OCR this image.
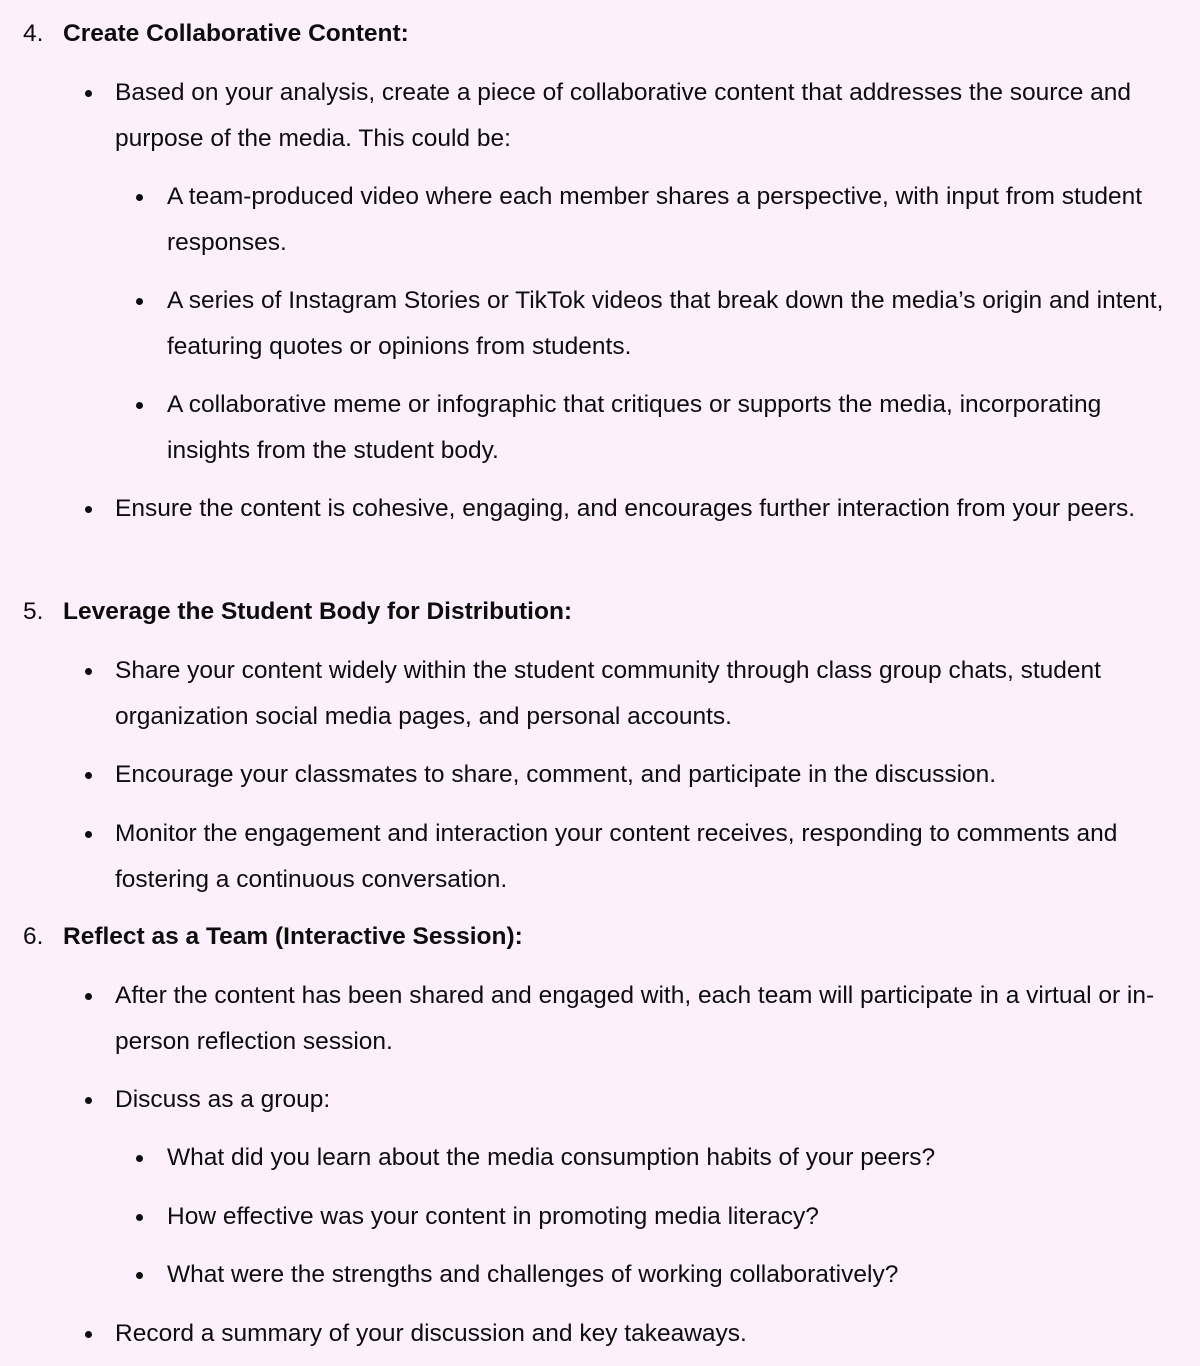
4. Create Collaborative Content:
Based on your analysis, create a piece of collaborative content that addresses the source and purpose of the media. This could be:
A team-produced video where each member shares a perspective, with input from student responses.
A series of Instagram Stories or TikTok videos that break down the media’s origin and intent, featuring quotes or opinions from students.
A collaborative meme or infographic that critiques or supports the media, incorporating insights from the student body.
Ensure the content is cohesive, engaging, and encourages further interaction from your peers.
5. Leverage the Student Body for Distribution:
Share your content widely within the student community through class group chats, student organization social media pages, and personal accounts.
Encourage your classmates to share, comment, and participate in the discussion.
Monitor the engagement and interaction your content receives, responding to comments and fostering a continuous conversation.
6. Reflect as a Team (Interactive Session):
After the content has been shared and engaged with, each team will participate in a virtual or in-person reflection session.
Discuss as a group:
What did you learn about the media consumption habits of your peers?
How effective was your content in promoting media literacy?
What were the strengths and challenges of working collaboratively?
Record a summary of your discussion and key takeaways.
